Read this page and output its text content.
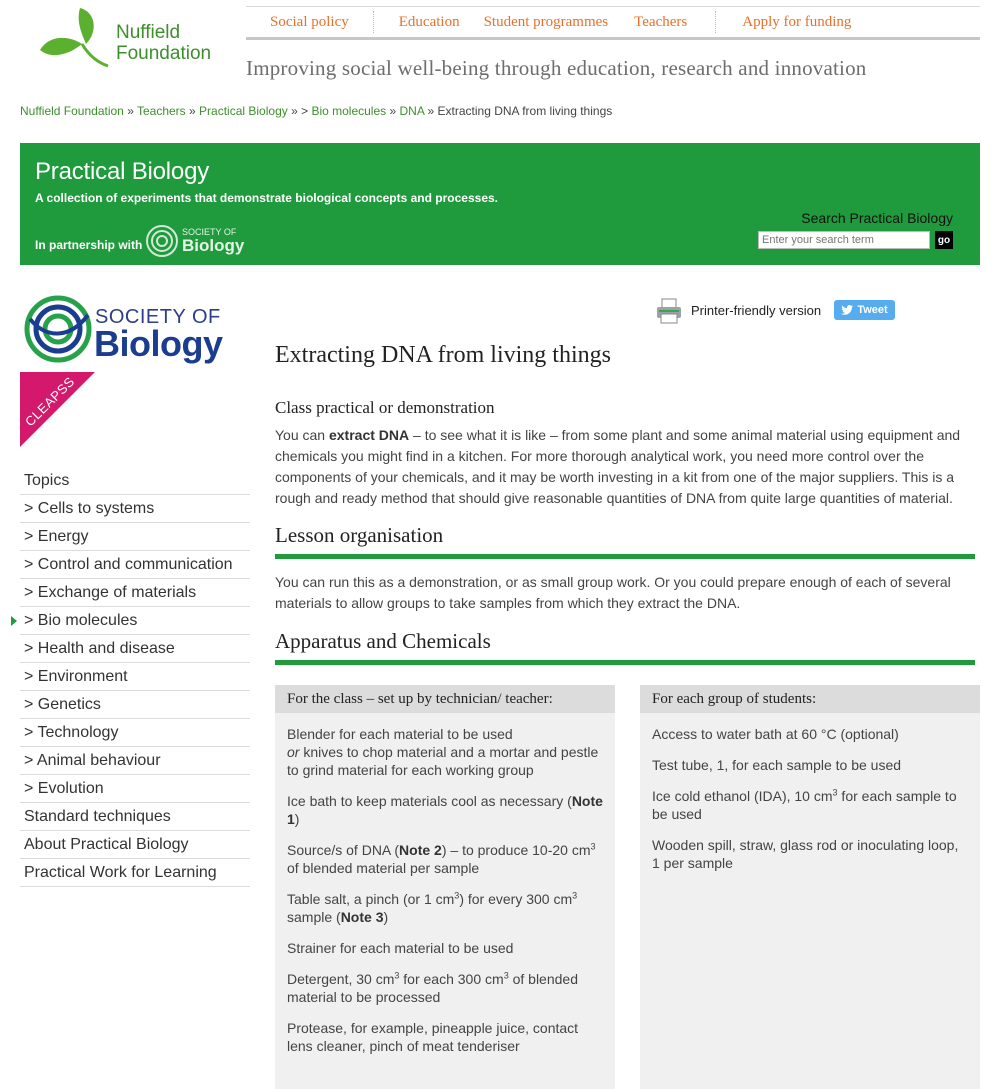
Nuffield
Foundation
Social policy	Education Student programmes Teachers	Apply for funding
Improving social well-being through education, research and innovation
Nuffield Foundation » Teachers » Practical Biology » > Bio molecules » DNA » Extracting DNA from living things
Practical Biology
A collection of experiments that demonstrate biological concepts and processes.
In partnership with
SOCIETY OF
Biology
Search Practical Biology
Enter your search term
go
SOCIETY OF
Biology
CLEAPSS
Topics
> Cells to systems
> Energy
> Control and communication
> Exchange of materials
> Bio molecules
> Health and disease
> Environment
> Genetics
> Technology
> Animal behaviour
> Evolution
Standard techniques
About Practical Biology
Practical Work for Learning
Printer-friendly version	Tweet
Extracting DNA from living things
Class practical or demonstration

You can extract DNA – to see what it is like – from some plant and some animal material using equipment and chemicals you might find in a kitchen. For more thorough analytical work, you need more control over the components of your chemicals, and it may be worth investing in a kit from one of the major suppliers. This is a rough and ready method that should give reasonable quantities of DNA from quite large quantities of material.

Lesson organisation

You can run this as a demonstration, or as small group work. Or you could prepare enough of each of several materials to allow groups to take samples from which they extract the DNA.

Apparatus and Chemicals
For the class – set up by technician/ teacher:
Blender for each material to be used
or knives to chop material and a mortar and pestle to grind material for each working group
Ice bath to keep materials cool as necessary (Note 1)
Source/s of DNA (Note 2) – to produce 10-20 $cm^3$ of blended material per sample
Table salt, a pinch (or 1 $cm^3$) for every 300 $cm^3$ sample (Note 3)
Strainer for each material to be used
Detergent, 30 $cm^3$ for each 300 $cm^3$ of blended material to be processed
Protease, for example, pineapple juice, contact lens cleaner, pinch of meat tenderiser
For each group of students:
Access to water bath at 60 °C (optional)
Test tube, 1, for each sample to be used
Ice cold ethanol (IDA), 10 $cm^3$ for each sample to be used
Wooden spill, straw, glass rod or inoculating loop, 1 per sample
